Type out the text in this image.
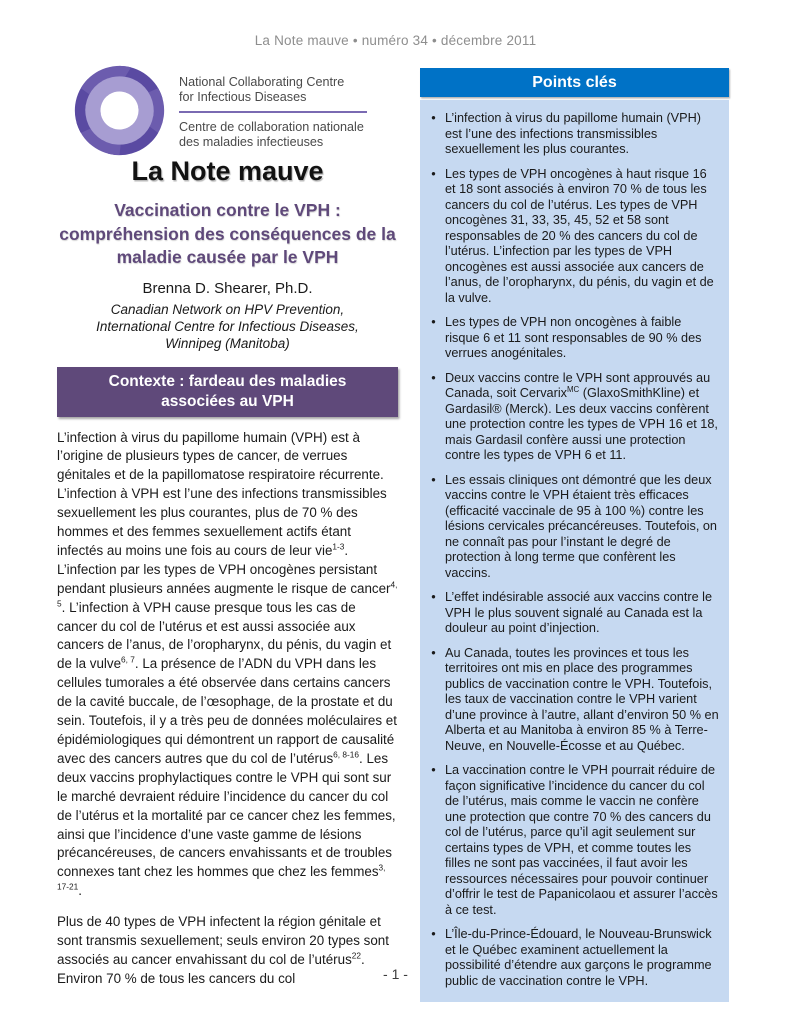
La Note mauve • numéro 34 • décembre 2011
National Collaborating Centre
for Infectious Diseases
Centre de collaboration nationale
des maladies infectieuses
La Note mauve
Vaccination contre le VPH : compréhension des conséquences de la maladie causée par le VPH
Brenna D. Shearer, Ph.D.
Canadian Network on HPV Prevention,
International Centre for Infectious Diseases,
Winnipeg (Manitoba)
Contexte : fardeau des maladies associées au VPH

L’infection à virus du papillome humain (VPH) est à l’origine de plusieurs types de cancer, de verrues génitales et de la papillomatose respiratoire récurrente. L’infection à VPH est l’une des infections transmissibles sexuellement les plus courantes, plus de 70 % des hommes et des femmes sexuellement actifs étant infectés au moins une fois au cours de leur vie$^{1-3}$. L’infection par les types de VPH oncogènes persistant pendant plusieurs années augmente le risque de cancer$^{4, 5}$. L’infection à VPH cause presque tous les cas de cancer du col de l’utérus et est aussi associée aux cancers de l’anus, de l’oropharynx, du pénis, du vagin et de la vulve$^{6, 7}$. La présence de l’ADN du VPH dans les cellules tumorales a été observée dans certains cancers de la cavité buccale, de l’œsophage, de la prostate et du sein. Toutefois, il y a très peu de données moléculaires et épidémiologiques qui démontrent un rapport de causalité avec des cancers autres que du col de l’utérus$^{6, 8-16}$. Les deux vaccins prophylactiques contre le VPH qui sont sur le marché devraient réduire l’incidence du cancer du col de l’utérus et la mortalité par ce cancer chez les femmes, ainsi que l’incidence d’une vaste gamme de lésions précancéreuses, de cancers envahissants et de troubles connexes tant chez les hommes que chez les femmes$^{3, 17-21}$.

Plus de 40 types de VPH infectent la région génitale et sont transmis sexuellement; seuls environ 20 types sont associés au cancer envahissant du col de l’utérus$^{22}$. Environ 70 % de tous les cancers du col

Points clés
• L’infection à virus du papillome humain (VPH) est l’une des infections transmissibles sexuellement les plus courantes.
• Les types de VPH oncogènes à haut risque 16 et 18 sont associés à environ 70 % de tous les cancers du col de l’utérus. Les types de VPH oncogènes 31, 33, 35, 45, 52 et 58 sont responsables de 20 % des cancers du col de l’utérus. L’infection par les types de VPH oncogènes est aussi associée aux cancers de l’anus, de l’oropharynx, du pénis, du vagin et de la vulve.
• Les types de VPH non oncogènes à faible risque 6 et 11 sont responsables de 90 % des verrues anogénitales.
• Deux vaccins contre le VPH sont approuvés au Canada, soit Cervarix$^{MC}$ (GlaxoSmithKline) et Gardasil® (Merck). Les deux vaccins confèrent une protection contre les types de VPH 16 et 18, mais Gardasil confère aussi une protection contre les types de VPH 6 et 11.
• Les essais cliniques ont démontré que les deux vaccins contre le VPH étaient très efficaces (efficacité vaccinale de 95 à 100 %) contre les lésions cervicales précancéreuses. Toutefois, on ne connaît pas pour l’instant le degré de protection à long terme que confèrent les vaccins.
• L’effet indésirable associé aux vaccins contre le VPH le plus souvent signalé au Canada est la douleur au point d’injection.
• Au Canada, toutes les provinces et tous les territoires ont mis en place des programmes publics de vaccination contre le VPH. Toutefois, les taux de vaccination contre le VPH varient d’une province à l’autre, allant d’environ 50 % en Alberta et au Manitoba à environ 85 % à Terre-Neuve, en Nouvelle-Écosse et au Québec.
• La vaccination contre le VPH pourrait réduire de façon significative l’incidence du cancer du col de l’utérus, mais comme le vaccin ne confère une protection que contre 70 % des cancers du col de l’utérus, parce qu’il agit seulement sur certains types de VPH, et comme toutes les filles ne sont pas vaccinées, il faut avoir les ressources nécessaires pour pouvoir continuer d’offrir le test de Papanicolaou et assurer l’accès à ce test.
• L’Île-du-Prince-Édouard, le Nouveau-Brunswick et le Québec examinent actuellement la possibilité d’étendre aux garçons le programme public de vaccination contre le VPH.
- 1 -
